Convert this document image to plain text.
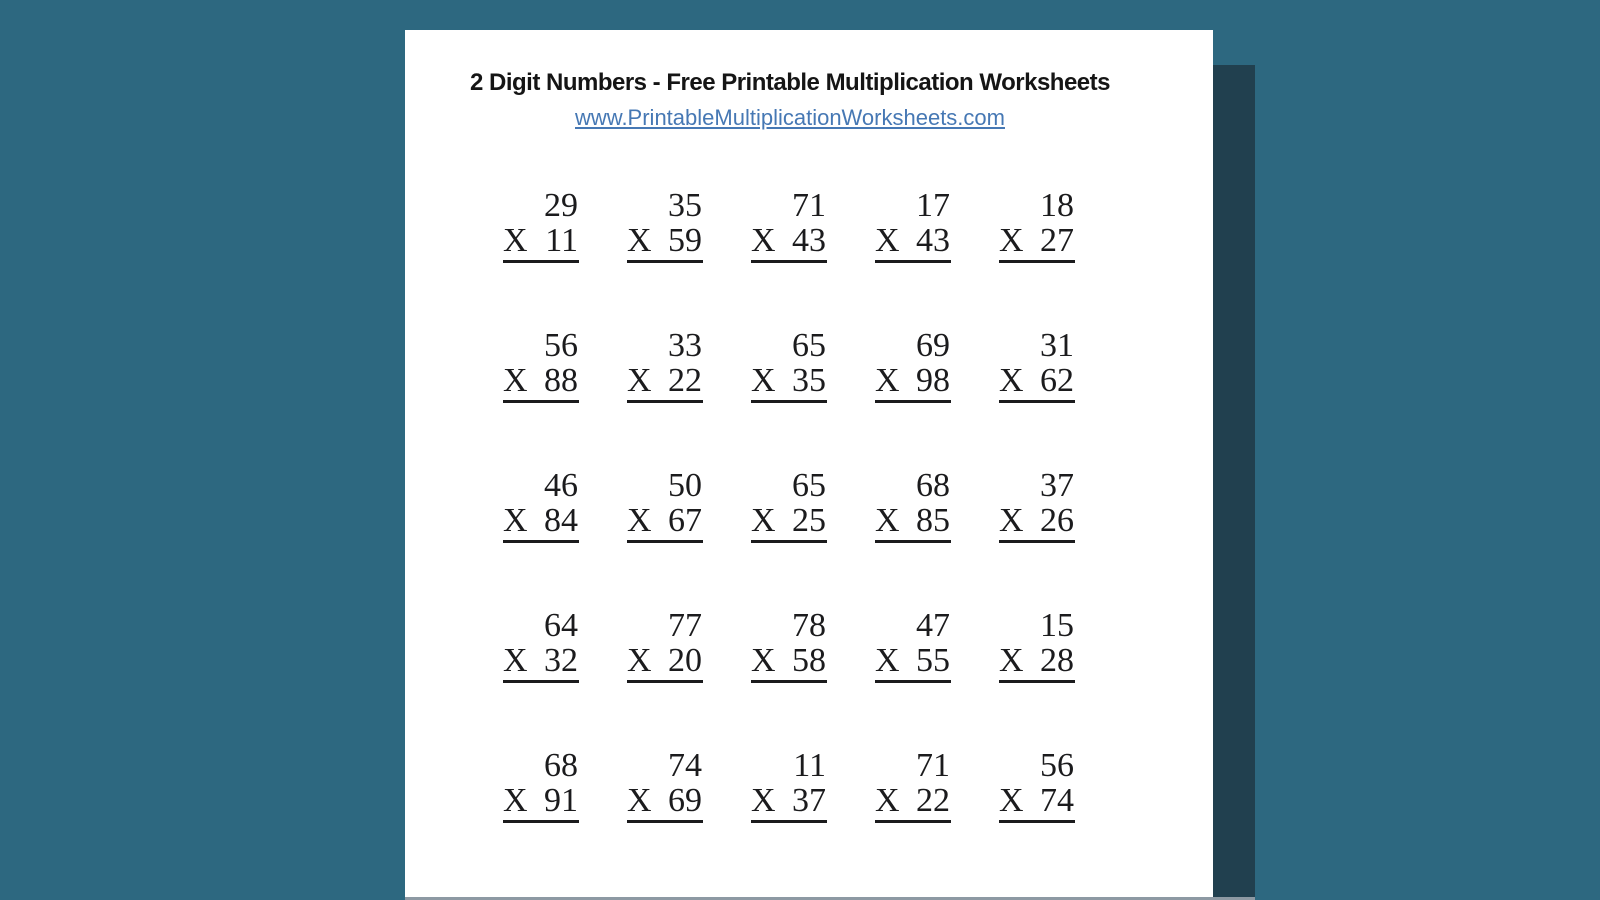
2 Digit Numbers - Free Printable Multiplication Worksheets
www.PrintableMultiplicationWorksheets.com
29
X 11
35
X 59
71
X 43
17
X 43
18
X 27
56
X 88
33
X 22
65
X 35
69
X 98
31
X 62
46
X 84
50
X 67
65
X 25
68
X 85
37
X 26
64
X 32
77
X 20
78
X 58
47
X 55
15
X 28
68
X 91
74
X 69
11
X 37
71
X 22
56
X 74
